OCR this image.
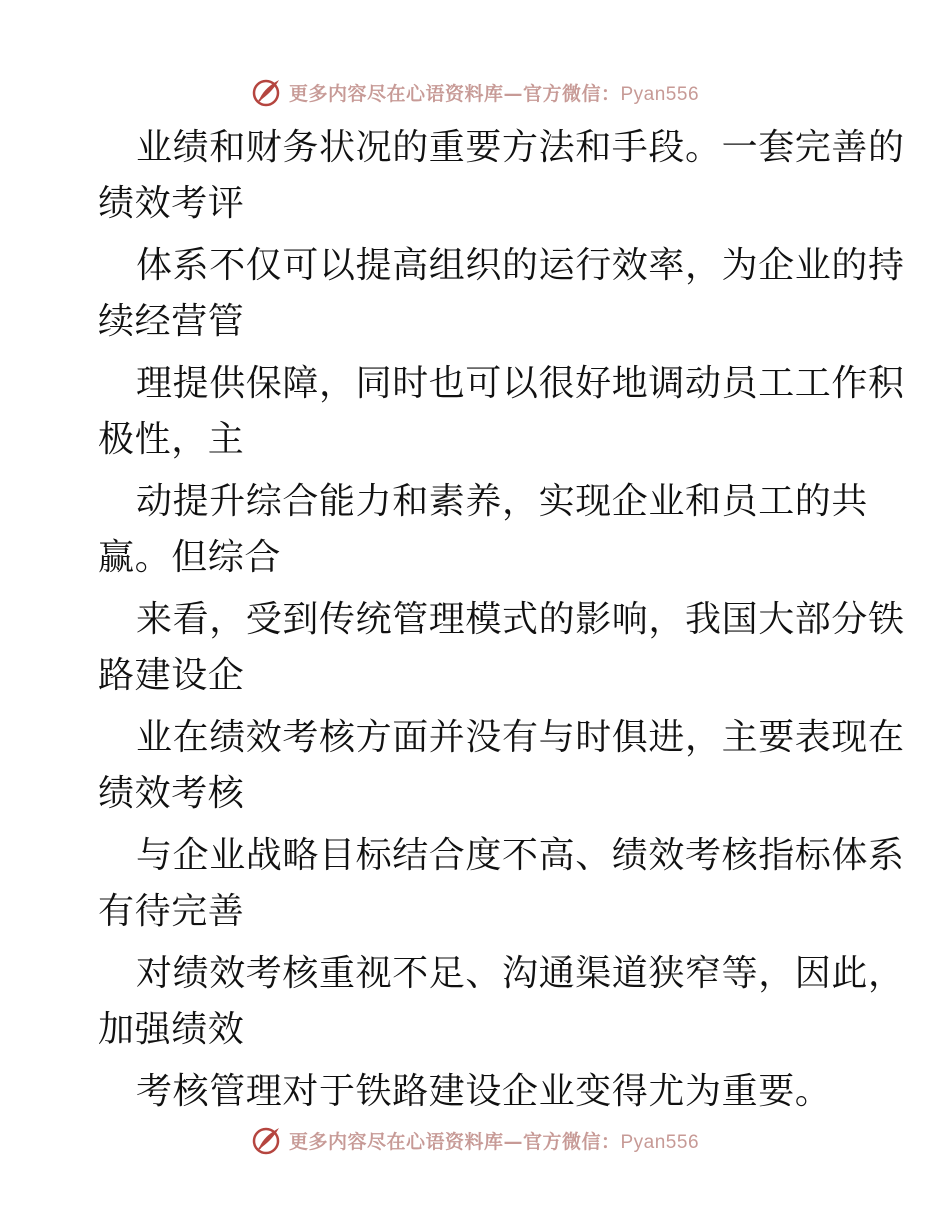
更多内容尽在心语资料库—官方微信：Pyan556
业绩和财务状况的重要方法和手段。一套完善的
绩效考评
体系不仅可以提高组织的运行效率，为企业的持
续经营管
理提供保障，同时也可以很好地调动员工工作积
极性，主
动提升综合能力和素养，实现企业和员工的共
赢。但综合
来看，受到传统管理模式的影响，我国大部分铁
路建设企
业在绩效考核方面并没有与时俱进，主要表现在
绩效考核
与企业战略目标结合度不高、绩效考核指标体系
有待完善
对绩效考核重视不足、沟通渠道狭窄等，因此，
加强绩效
考核管理对于铁路建设企业变得尤为重要。
更多内容尽在心语资料库—官方微信：Pyan556
